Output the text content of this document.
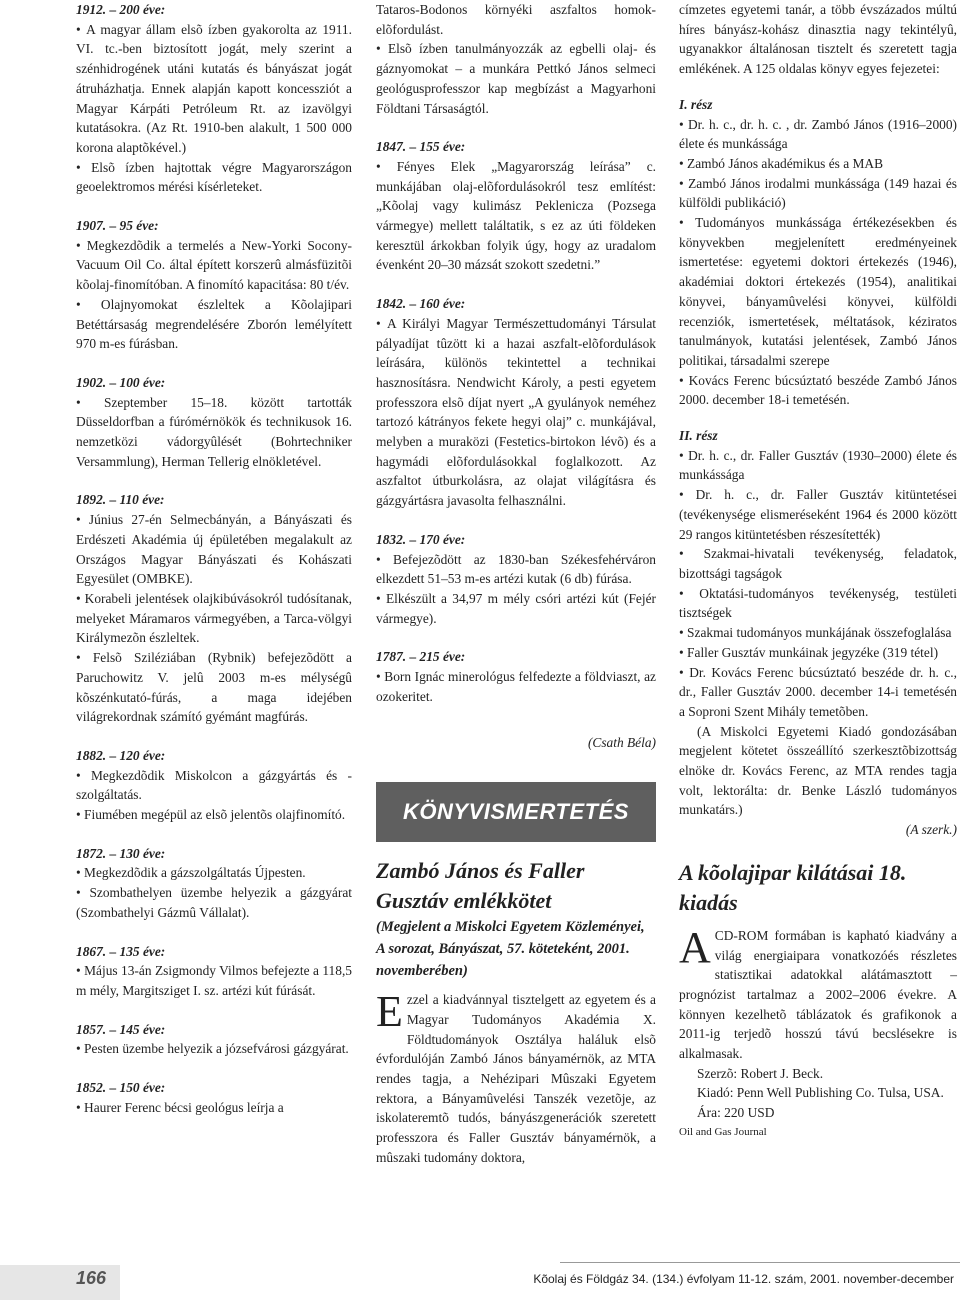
1912. – 200 éve:

• A magyar állam elsõ ízben gyakorolta az 1911. VI. tc.-ben biztosított jogát, mely szerint a szénhidrogének utáni kutatás és bányászat jogát átruházhatja. Ennek alapján kapott koncessziót a Magyar Kárpáti Petróleum Rt. az izavölgyi kutatásokra. (Az Rt. 1910-ben alakult, 1 500 000 korona alaptõkével.)

• Elsõ ízben hajtottak végre Magyarországon geoelektromos mérési kísérleteket.

1907. – 95 éve:

• Megkezdõdik a termelés a New-Yorki Socony-Vacuum Oil Co. által épített korszerû almásfüzitõi kõolaj-finomítóban. A finomító kapacitása: 80 t/év.

• Olajnyomokat észleltek a Kõolajipari Betéttársaság megrendelésére Zborón lemélyített 970 m-es fúrásban.

1902. – 100 éve:

• Szeptember 15–18. között tartották Düsseldorfban a fúrómérnökök és technikusok 16. nemzetközi vádorgyûlését (Bohrtechniker Versammlung), Herman Tellerig elnökletével.

1892. – 110 éve:

• Június 27-én Selmecbányán, a Bányászati és Erdészeti Akadémia új épületében megalakult az Országos Magyar Bányászati és Kohászati Egyesület (OMBKE).

• Korabeli jelentések olajkibúvásokról tudósítanak, melyeket Máramaros vármegyében, a Tarca-völgyi Királymezõn észleltek.

• Felsõ Sziléziában (Rybnik) befejezõdött a Paruchowitz V. jelû 2003 m-es mélységû kõszénkutató-fúrás, a maga idejében világrekordnak számító gyémánt magfúrás.

1882. – 120 éve:

• Megkezdõdik Miskolcon a gázgyártás és -szolgáltatás.

• Fiumében megépül az elsõ jelentõs olajfinomító.

1872. – 130 éve:

• Megkezdõdik a gázszolgáltatás Újpesten.

• Szombathelyen üzembe helyezik a gázgyárat (Szombathelyi Gázmû Vállalat).

1867. – 135 éve:

• Május 13-án Zsigmondy Vilmos befejezte a 118,5 m mély, Margitsziget I. sz. artézi kút fúrását.

1857. – 145 éve:

• Pesten üzembe helyezik a józsefvárosi gázgyárat.

1852. – 150 éve:

• Haurer Ferenc bécsi geológus leírja a

Tataros-Bodonos környéki aszfaltos homok-elõfordulást.

• Elsõ ízben tanulmányozzák az egbelli olaj- és gáznyomokat – a munkára Pettkó János selmeci geológusprofesszor kap megbízást a Magyarhoni Földtani Társaságtól.

1847. – 155 éve:

• Fényes Elek „Magyarország leírása” c. munkájában olaj-elõfordulásokról tesz említést: „Kõolaj vagy kulimász Peklenicza (Pozsega vármegye) mellett találtatik, s ez az úti földeken keresztül árkokban folyik úgy, hogy az uradalom évenként 20–30 mázsát szokott szedetni.”

1842. – 160 éve:

• A Királyi Magyar Természettudományi Társulat pályadíjat tûzött ki a hazai aszfalt-elõfordulások leírására, különös tekintettel a technikai hasznosításra. Nendwicht Károly, a pesti egyetem professzora elsõ díjat nyert „A gyulányok neméhez tartozó kátrányos fekete hegyi olaj” c. munkájával, melyben a muraközi (Festetics-birtokon lévõ) és a hagymádi elõfordulásokkal foglalkozott. Az aszfaltot útburkolásra, az olajat világításra és gázgyártásra javasolta felhasználni.

1832. – 170 éve:

• Befejezõdött az 1830-ban Székesfehérváron elkezdett 51–53 m-es artézi kutak (6 db) fúrása.

• Elkészült a 34,97 m mély csóri artézi kút (Fejér vármegye).

1787. – 215 éve:

• Born Ignác minerológus felfedezte a földviaszt, az ozokeritet.

(Csath Béla)

KÖNYVISMERTETÉS

Zambó János és Faller Gusztáv emlékkötet

(Megjelent a Miskolci Egyetem Közleményei, A sorozat, Bányászat, 57. köteteként, 2001. novemberében)

Ezzel a kiadvánnyal tisztelgett az egyetem és a Magyar Tudományos Akadémia X. Földtudományok Osztálya haláluk elsõ évfordulóján Zambó János bányamérnök, az MTA rendes tagja, a Nehézipari Mûszaki Egyetem rektora, a Bányamûvelési Tanszék vezetõje, az iskolateremtõ tudós, bányászgenerációk szeretett professzora és Faller Gusztáv bányamérnök, a mûszaki tudomány doktora,

címzetes egyetemi tanár, a több évszázados múltú híres bányász-kohász dinasztia nagy tekintélyû, ugyanakkor általánosan tisztelt és szeretett tagja emlékének. A 125 oldalas könyv egyes fejezetei:

I. rész

• Dr. h. c., dr. h. c. , dr. Zambó János (1916–2000) élete és munkássága

• Zambó János akadémikus és a MAB

• Zambó János irodalmi munkássága (149 hazai és külföldi publikáció)

• Tudományos munkássága értékezésekben és könyvekben megjelenített eredményeinek ismertetése: egyetemi doktori értekezés (1946), akadémiai doktori értekezés (1954), analitikai könyvei, bányamûvelési könyvei, külföldi recenziók, ismertetések, méltatások, kéziratos tanulmányok, kutatási jelentések, Zambó János politikai, társadalmi szerepe

• Kovács Ferenc búcsúztató beszéde Zambó János 2000. december 18-i temetésén.

II. rész

• Dr. h. c., dr. Faller Gusztáv (1930–2000) élete és munkássága

• Dr. h. c., dr. Faller Gusztáv kitüntetései (tevékenysége elismeréseként 1964 és 2000 között 29 rangos kitüntetésben részesítették)

• Szakmai-hivatali tevékenység, feladatok, bizottsági tagságok

• Oktatási-tudományos tevékenység, testületi tisztségek

• Szakmai tudományos munkájának összefoglalása

• Faller Gusztáv munkáinak jegyzéke (319 tétel)

• Dr. Kovács Ferenc búcsúztató beszéde dr. h. c., dr., Faller Gusztáv 2000. december 14-i temetésén a Soproni Szent Mihály temetõben.

(A Miskolci Egyetemi Kiadó gondozásában megjelent kötetet összeállító szerkesztõbizottság elnöke dr. Kovács Ferenc, az MTA rendes tagja volt, lektorálta: dr. Benke László tudományos munkatárs.)

(A szerk.)

A kõolajipar kilátásai 18. kiadás

ACD-ROM formában is kapható kiadvány a világ energiaipara vonatkozóés részletes statisztikai adatokkal alátámasztott – prognózist tartalmaz a 2002–2006 évekre. A könnyen kezelhetõ táblázatok és grafikonok a 2011-ig terjedõ hosszú távú becslésekre is alkalmasak.

Szerzõ: Robert J. Beck.

Kiadó: Penn Well Publishing Co. Tulsa, USA.

Ára: 220 USD

Oil and Gas Journal

166	Kõolaj és Földgáz 34. (134.) évfolyam 11-12. szám, 2001. november-december
